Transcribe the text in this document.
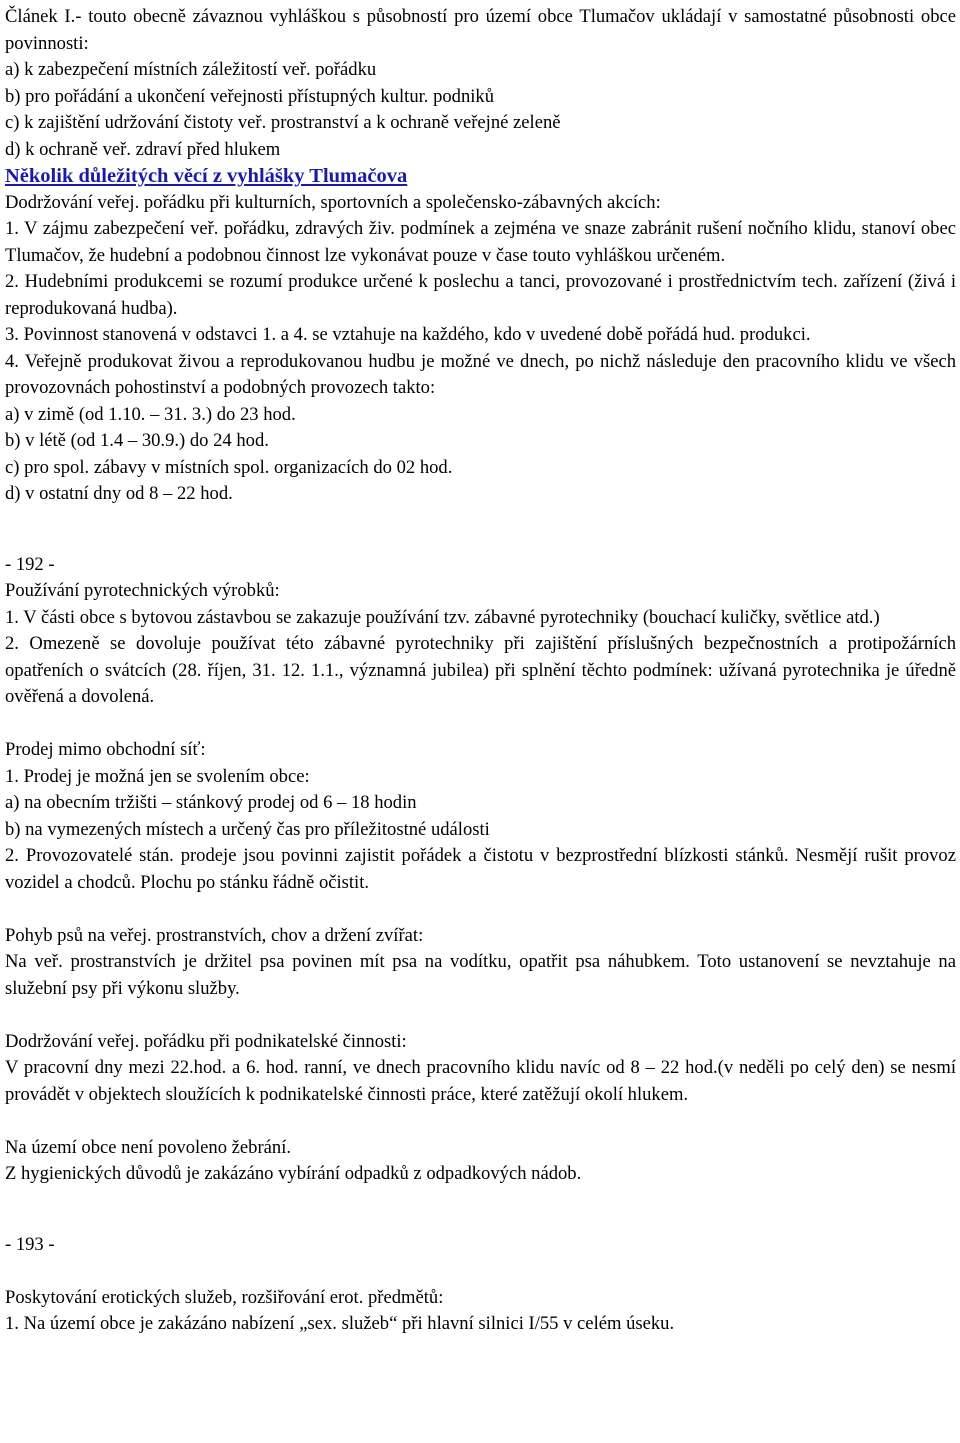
Článek I.- touto obecně závaznou vyhláškou s působností pro území obce Tlumačov ukládají v samostatné působnosti obce povinnosti:

a) k zabezpečení místních záležitostí veř. pořádku

b) pro pořádání a ukončení veřejnosti přístupných kultur. podniků

c) k zajištění udržování čistoty veř. prostranství a k ochraně veřejné zeleně

d) k ochraně veř. zdraví před hlukem

Několik důležitých věcí z vyhlášky Tlumačova

Dodržování veřej. pořádku při kulturních, sportovních a společensko-zábavných akcích:

1. V zájmu zabezpečení veř. pořádku, zdravých živ. podmínek a zejména ve snaze zabránit rušení nočního klidu, stanoví obec Tlumačov, že hudební a podobnou činnost lze vykonávat pouze v čase touto vyhláškou určeném.

2. Hudebními produkcemi se rozumí produkce určené k poslechu a tanci, provozované i prostřednictvím tech. zařízení (živá i reprodukovaná hudba).

3. Povinnost stanovená v odstavci 1. a 4. se vztahuje na každého, kdo v uvedené době pořádá hud. produkci.

4. Veřejně produkovat živou a reprodukovanou hudbu je možné ve dnech, po nichž následuje den pracovního klidu ve všech provozovnách pohostinství a podobných provozech takto:

a) v zimě (od 1.10. – 31. 3.) do 23 hod.

b) v létě (od 1.4 – 30.9.) do 24 hod.

c) pro spol. zábavy v místních spol. organizacích do 02 hod.

d) v ostatní dny od 8 – 22 hod.

- 192 -

Používání pyrotechnických výrobků:

1. V části obce s bytovou zástavbou se zakazuje používání tzv. zábavné pyrotechniky (bouchací kuličky, světlice atd.)

2. Omezeně se dovoluje používat této zábavné pyrotechniky při zajištění příslušných bezpečnostních a protipožárních opatřeních o svátcích (28. říjen, 31. 12. 1.1., významná jubilea) při splnění těchto podmínek: užívaná pyrotechnika je úředně ověřená a dovolená.

Prodej mimo obchodní síť:

1. Prodej je možná jen se svolením obce:

a) na obecním tržišti – stánkový prodej od 6 – 18 hodin

b) na vymezených místech a určený čas pro příležitostné události

2. Provozovatelé stán. prodeje jsou povinni zajistit pořádek a čistotu v bezprostřední blízkosti stánků. Nesmějí rušit provoz vozidel a chodců. Plochu po stánku řádně očistit.

Pohyb psů na veřej. prostranstvích, chov a držení zvířat:

Na veř. prostranstvích je držitel psa povinen mít psa na vodítku, opatřit psa náhubkem. Toto ustanovení se nevztahuje na služební psy při výkonu služby.

Dodržování veřej. pořádku při podnikatelské činnosti:

V pracovní dny mezi 22.hod. a 6. hod. ranní, ve dnech pracovního klidu navíc od 8 – 22 hod.(v neděli po celý den) se nesmí provádět v objektech sloužících k podnikatelské činnosti práce, které zatěžují okolí hlukem.

Na území obce není povoleno žebrání.

Z hygienických důvodů je zakázáno vybírání odpadků z odpadkových nádob.

- 193 -

Poskytování erotických služeb, rozšiřování erot. předmětů:

1. Na území obce je zakázáno nabízení „sex. služeb“ při hlavní silnici I/55 v celém úseku.
